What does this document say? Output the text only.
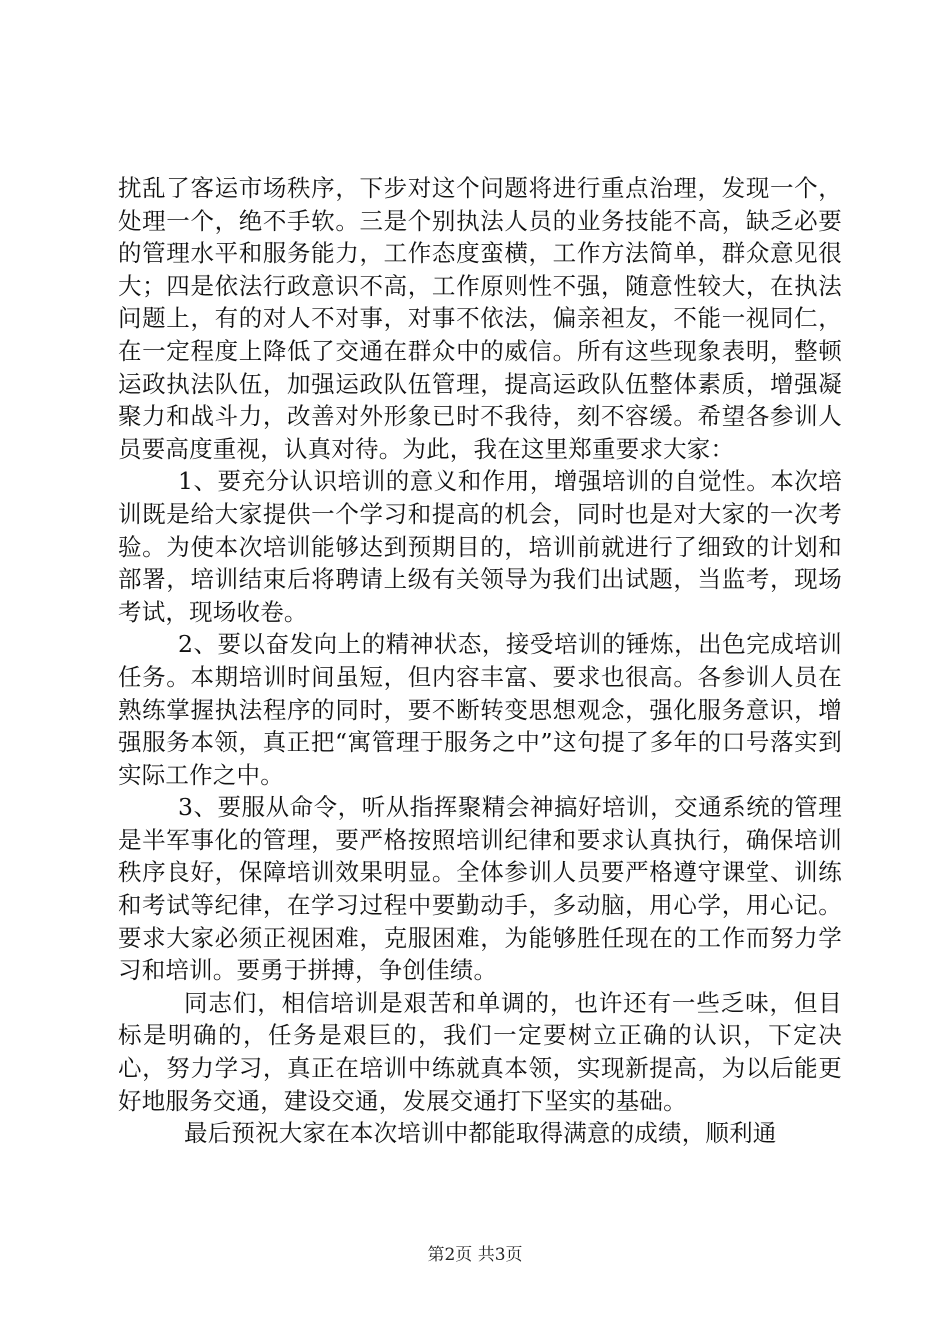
扰乱了客运市场秩序，下步对这个问题将进行重点治理，发现一个，处理一个，绝不手软。三是个别执法人员的业务技能不高，缺乏必要的管理水平和服务能力，工作态度蛮横，工作方法简单，群众意见很大；四是依法行政意识不高，工作原则性不强，随意性较大，在执法问题上，有的对人不对事，对事不依法，偏亲袒友，不能一视同仁，在一定程度上降低了交通在群众中的威信。所有这些现象表明，整顿运政执法队伍，加强运政队伍管理，提高运政队伍整体素质，增强凝聚力和战斗力，改善对外形象已时不我待，刻不容缓。希望各参训人员要高度重视，认真对待。为此，我在这里郑重要求大家：

1、要充分认识培训的意义和作用，增强培训的自觉性。本次培训既是给大家提供一个学习和提高的机会，同时也是对大家的一次考验。为使本次培训能够达到预期目的，培训前就进行了细致的计划和部署，培训结束后将聘请上级有关领导为我们出试题，当监考，现场考试，现场收卷。

2、要以奋发向上的精神状态，接受培训的锤炼，出色完成培训任务。本期培训时间虽短，但内容丰富、要求也很高。各参训人员在熟练掌握执法程序的同时，要不断转变思想观念，强化服务意识，增强服务本领，真正把“寓管理于服务之中”这句提了多年的口号落实到实际工作之中。

3、要服从命令，听从指挥聚精会神搞好培训，交通系统的管理是半军事化的管理，要严格按照培训纪律和要求认真执行，确保培训秩序良好，保障培训效果明显。全体参训人员要严格遵守课堂、训练和考试等纪律，在学习过程中要勤动手，多动脑，用心学，用心记。要求大家必须正视困难，克服困难，为能够胜任现在的工作而努力学习和培训。要勇于拼搏，争创佳绩。

同志们，相信培训是艰苦和单调的，也许还有一些乏味，但目标是明确的，任务是艰巨的，我们一定要树立正确的认识，下定决心，努力学习，真正在培训中练就真本领，实现新提高，为以后能更好地服务交通，建设交通，发展交通打下坚实的基础。

最后预祝大家在本次培训中都能取得满意的成绩，顺利通

第2页 共3页
